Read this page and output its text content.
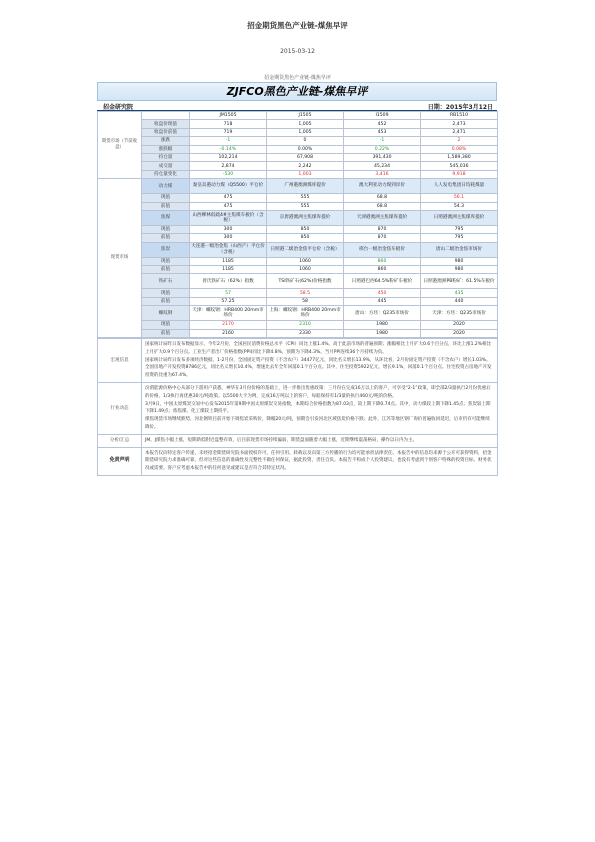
招金期货黑色产业链-煤焦早评
2015-03-12
招金期货黑色产业链-煤焦早评
ZJFCO黑色产业链-煤焦早评
招金研究院	日期：2015年3月12日
期货市场（节前收盘）		JM1505	J1505	I1509	RB1510
	收盘价现值	718	1,005	452	2,473
	收盘价前值	719	1,005	453	2,471
	涨跌	-1	0	-1	2
	涨跌幅	-0.14%	0.00%	0.22%	0.08%
	持仓量	102,214	67,908	391,430	1,589,380
	成交量	2,874	2,242	45,234	545,036
	持仓量变化	-530	1,003	3,416	9,918
现货市场	动力煤	秦皇岛港动力煤（Q5500）平仓价	广州港澳洲煤库提价	澳大利亚动力煤到岸价	人人发电集团日均耗煤量
	现值	475	555	68.8	56.1
	前值	475	555	68.8	54.3
	焦煤	山西柳林低硫4#主焦煤车板价（含税）	京唐港澳洲主焦煤库提价	天津港澳洲主焦煤库提价	日照港澳洲主焦煤库提价
	现值	300	850	870	795
	前值	300	850	870	795
	焦炭	大连港一级冶金焦（山西产）平仓价（含税）	日照港二级冶金焦平仓价（含税）	邢台一级冶金焦车板价	唐山二级冶金焦市场价
	现值	1185	1060	860	980
	前值	1185	1060	860	980
	铁矿石	普氏铁矿石（62%）指数	TSI铁矿石(62%)价格指数	日照港巴西64.5%粉矿车板价	日照港澳洲PB粉矿：61.5%车板价
	现值	57	58.5	450	435
	前值	57.25	58	445	440
	螺纹钢	天津：螺纹钢：HRB400 20mm市场价	上海：螺纹钢：HRB400 20mm市场价	唐山：方坯：Q235市场价	天津：方坯：Q235市场价
	现值	2170	2310	1980	2020
	前值	2160	2330	1980	2020
宏观信息	国家统计局昨日发布数据显示，今年2月份，全国居民消费价格总水平（CPI）同比上涨1.4%。高于此前市场的普遍预期；涨幅相比上月扩大0.6个百分点，环比上涨1.2%相比上月扩大0.9个百分点。工业生产者出厂价格指数(PPI)同比下降4.8%，预期为下降4.3%。当月PPI连续36个月持续为负。
国家统计局昨日发布多项经济数据，1-2月份，全国固定资产投资（不含农户）34477亿元，同比名义增长13.9%，从环比看，2月份固定资产投资（不含农户）增长1.03%。全国房地产开发投资8786亿元，同比名义增长10.4%，增速比去年全年回落0.1个百分点。其中，住宅投资5922亿元，增长9.1%，回落0.1个百分点。住宅投资占房地产开发投资的比重为67.4%。

行业动态	汾渭能源价格中心从部分下游用户获悉，神华在3月份价格的基础上，进一步推出优惠政策：三月份在完成16万以上的客户，可享受“2-1”政策，即全部2/3量执行2月份优惠后的价格，1/3执行再优惠30元/吨政策。以5500大卡为例，完成16万吨以上的客户，每船保持有1/3量的执行460元/吨的价格。
3月9日，中国太原煤炭交易中心发布2015年第9期中国太原煤炭交易指数，本期综合价格指数为87.03点，较上期下降0.74点。其中，动力煤较上期下降1.45点；焦炭较上期下降1.49点；炼焦煤、化工煤较上期持平。
煤焦现货市场继续跌势，河北钢铁目前开始下调焦炭采购价，降幅20元/吨，预期会引发河北区域焦炭价格下跌；此外，江苏等地区钢厂询价普遍收回延迟，后市仍有可能继续降价。

分析/汇总	JM、J煤焦小幅上涨，短期新低附近盘整有效，后目前现货市场持续偏弱，期货盘面随着大幅上涨，近期继续震荡格局，操作以日内为主。
免责声明	本报告仅向特定客户传递，未经招金期货研究院书面授权许可，任何引用、转载以及向第三方传播的行为均可能承担法律责任。本报告中的信息均来源于公开可获得资料，招金期货研究院力求准确可靠，但对这些信息的准确性及完整性不做任何保证，据此投资，责任自负。本报告不构成个人投资建议，也没有考虑到个别客户特殊的投资目标、财务状况或需要。客户应考虑本报告中的任何意见或建议是否符合其特定状况。
